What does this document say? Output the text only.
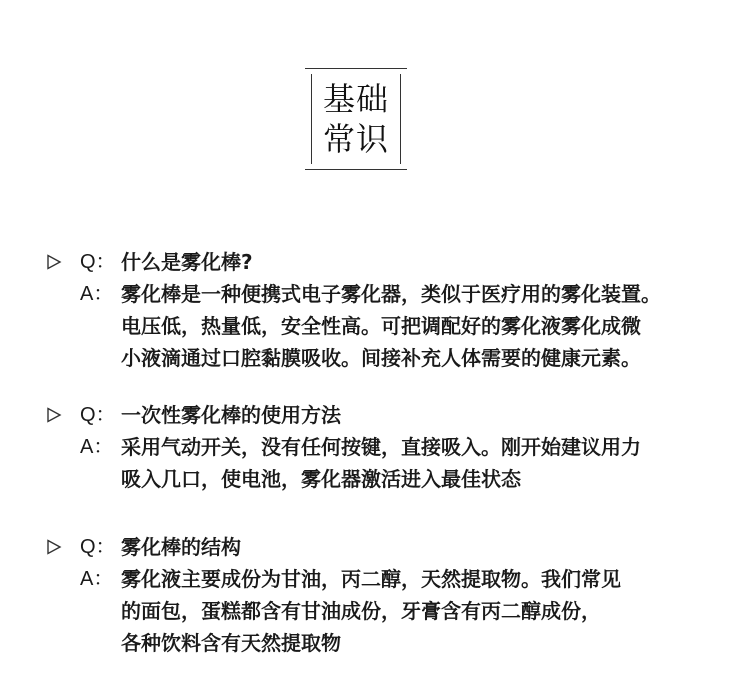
基础
常识
Q： 什么是雾化棒?
A： 雾化棒是一种便携式电子雾化器，类似于医疗用的雾化装置。
电压低，热量低，安全性高。可把调配好的雾化液雾化成微
小液滴通过口腔黏膜吸收。间接补充人体需要的健康元素。
Q： 一次性雾化棒的使用方法
A： 采用气动开关，没有任何按键，直接吸入。刚开始建议用力
吸入几口，使电池，雾化器激活进入最佳状态
Q： 雾化棒的结构
A： 雾化液主要成份为甘油，丙二醇，天然提取物。我们常见
的面包，蛋糕都含有甘油成份，牙膏含有丙二醇成份，
各种饮料含有天然提取物
